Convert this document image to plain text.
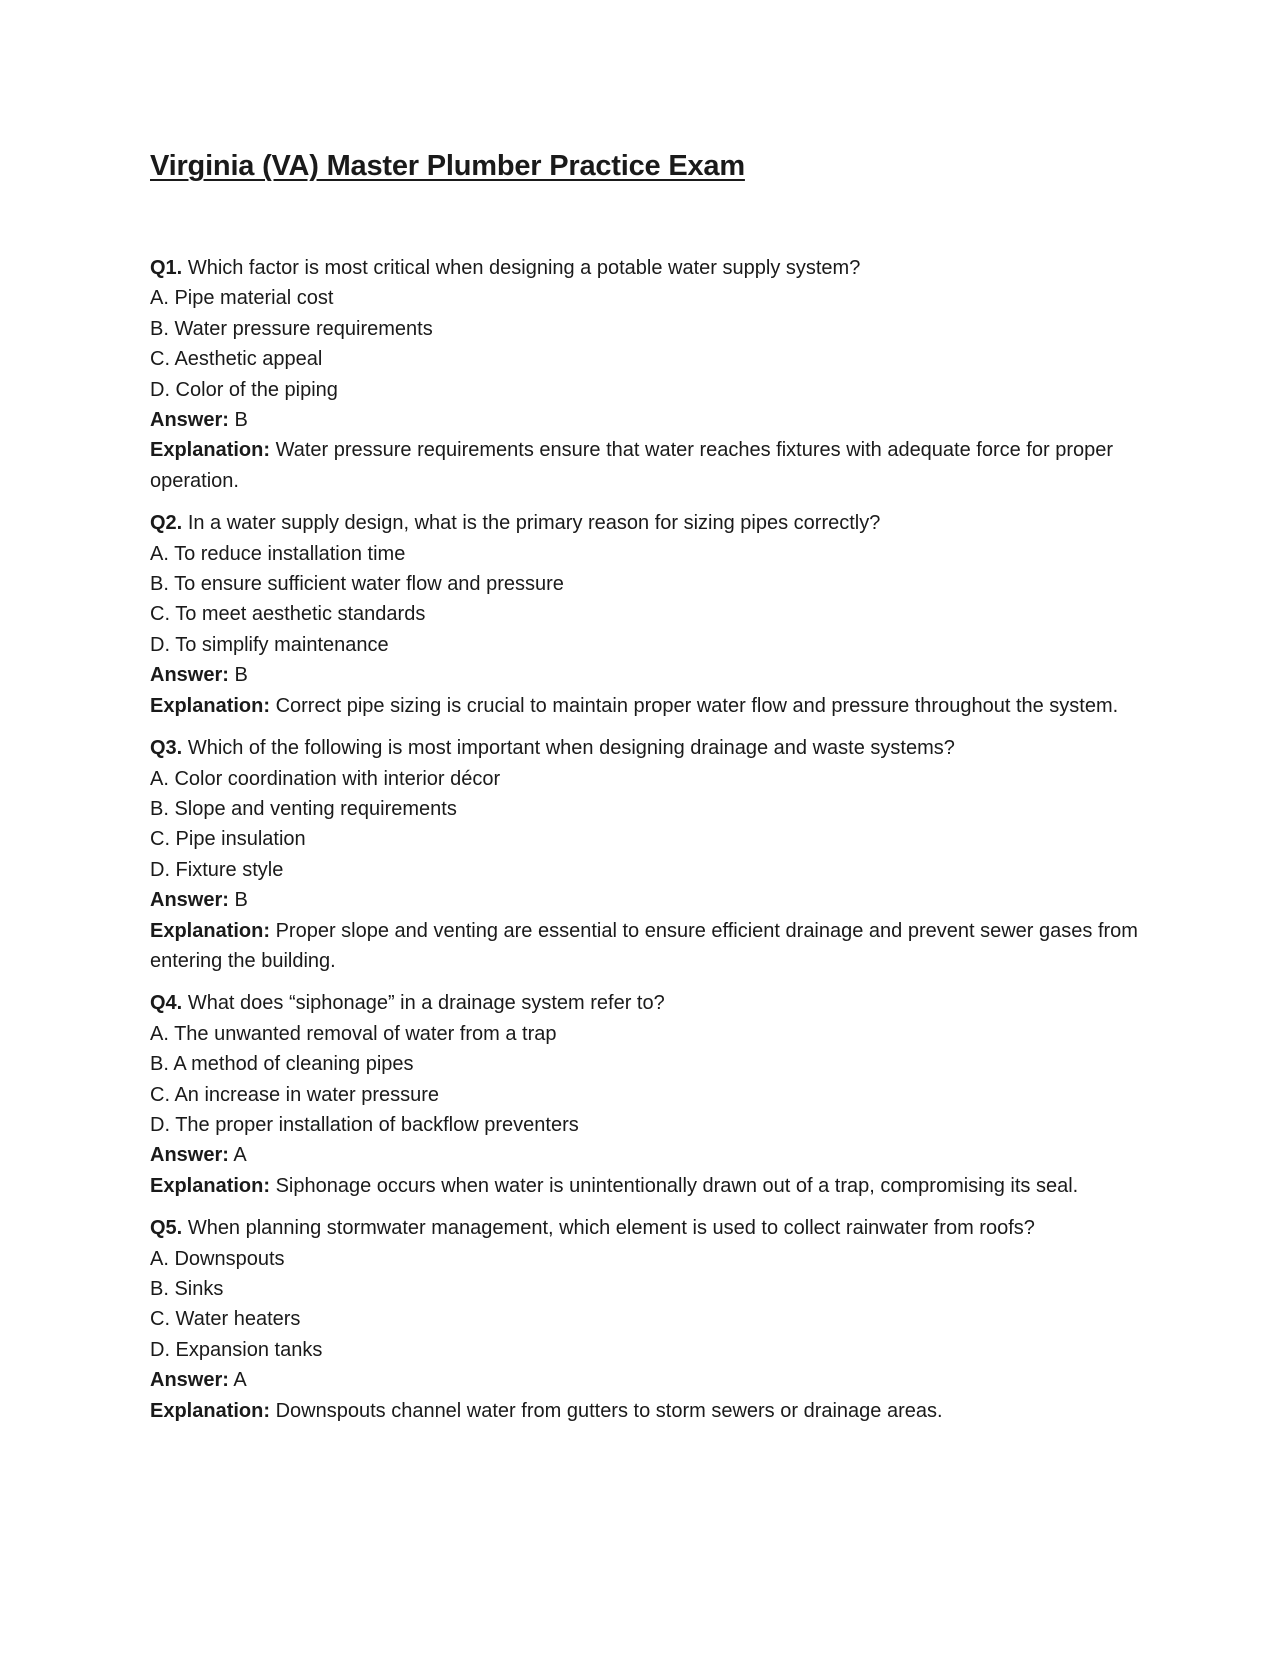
Virginia (VA) Master Plumber Practice Exam

Q1. Which factor is most critical when designing a potable water supply system?

A. Pipe material cost

B. Water pressure requirements

C. Aesthetic appeal

D. Color of the piping

Answer: B

Explanation: Water pressure requirements ensure that water reaches fixtures with adequate force for proper operation.

Q2. In a water supply design, what is the primary reason for sizing pipes correctly?

A. To reduce installation time

B. To ensure sufficient water flow and pressure

C. To meet aesthetic standards

D. To simplify maintenance

Answer: B

Explanation: Correct pipe sizing is crucial to maintain proper water flow and pressure throughout the system.

Q3. Which of the following is most important when designing drainage and waste systems?

A. Color coordination with interior décor

B. Slope and venting requirements

C. Pipe insulation

D. Fixture style

Answer: B

Explanation: Proper slope and venting are essential to ensure efficient drainage and prevent sewer gases from entering the building.

Q4. What does “siphonage” in a drainage system refer to?

A. The unwanted removal of water from a trap

B. A method of cleaning pipes

C. An increase in water pressure

D. The proper installation of backflow preventers

Answer: A

Explanation: Siphonage occurs when water is unintentionally drawn out of a trap, compromising its seal.

Q5. When planning stormwater management, which element is used to collect rainwater from roofs?

A. Downspouts

B. Sinks

C. Water heaters

D. Expansion tanks

Answer: A

Explanation: Downspouts channel water from gutters to storm sewers or drainage areas.
